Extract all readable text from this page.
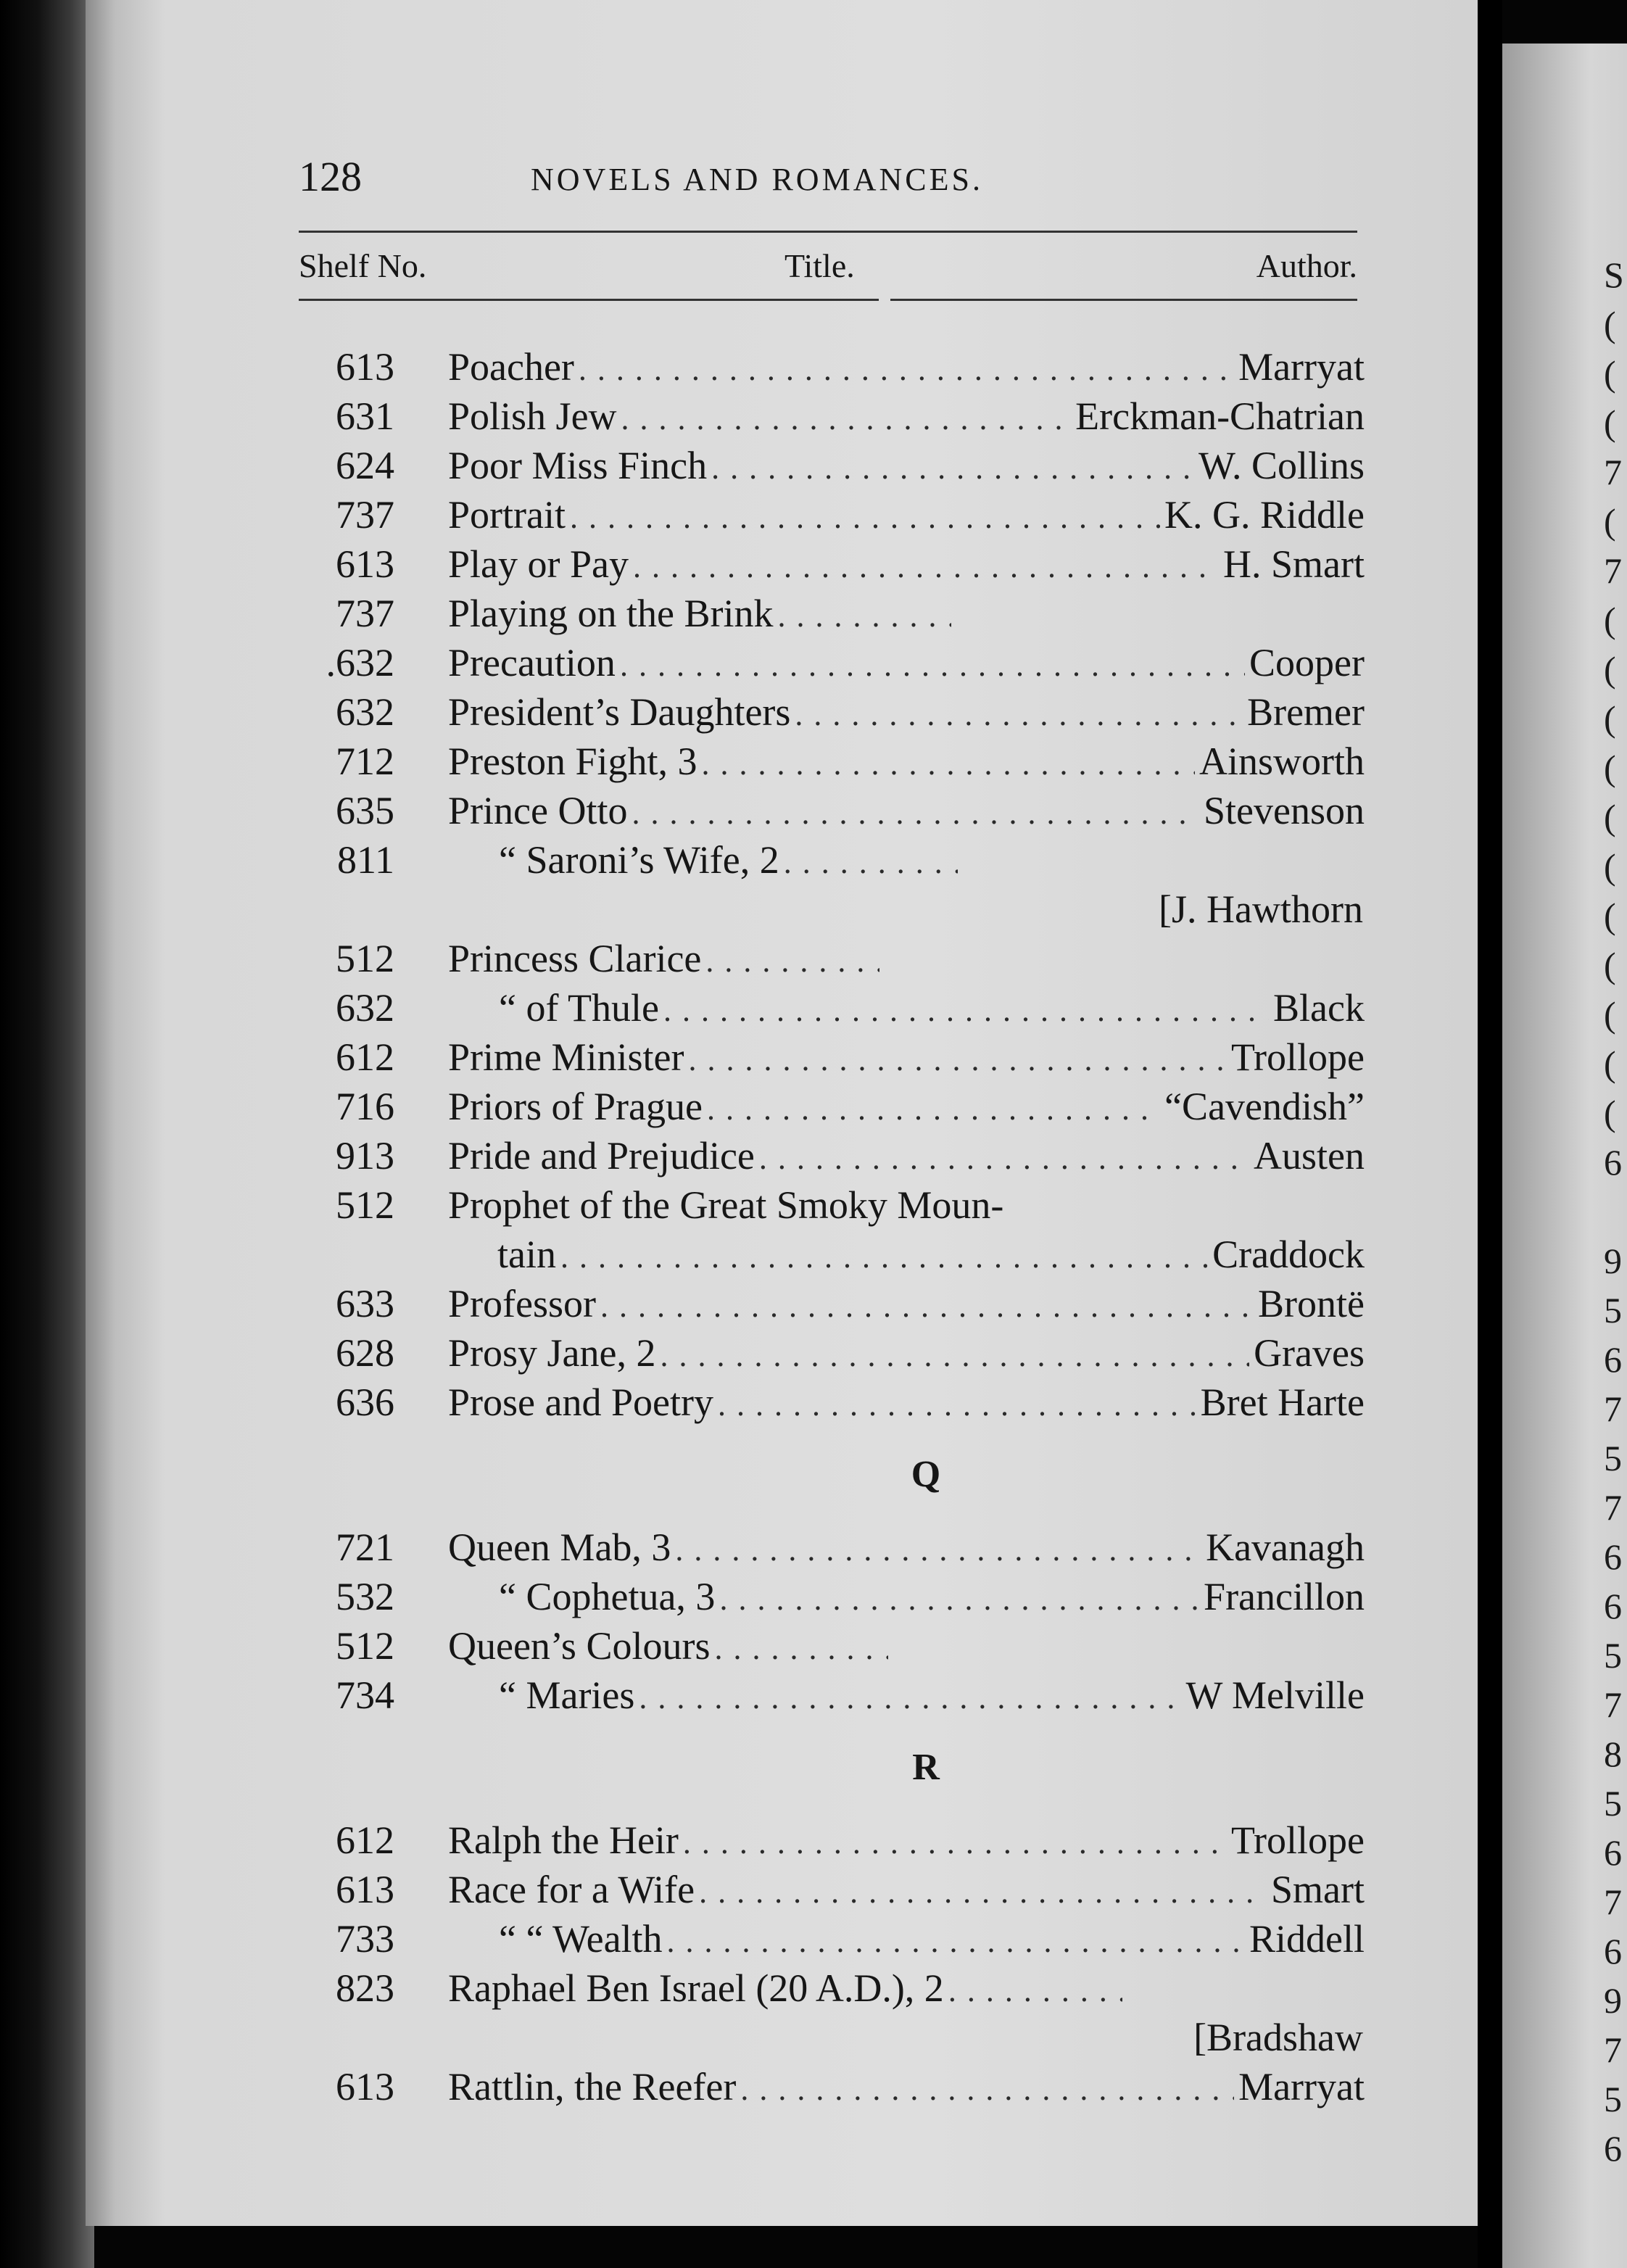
S
(
(
(
7
(
7
(
(
(
(
(
(
(
(
(
(
(
6
9
5
6
7
5
7
6
6
5
7
8
5
6
7
6
9
7
5
6
128	NOVELS AND ROMANCES.
Shelf No.	Title.	Author.
613 Poacher . . .	Marryat
631 Polish Jew . . .	Erckman-Chatrian
624 Poor Miss Finch . . .	W. Collins
737 Portrait . . .	K. G. Riddle
613 Play or Pay . . .	H. Smart
737 Playing on the Brink
. . .
.632 Precaution . . .	Cooper
632 President’s Daughters . . .	Bremer
712 Preston Fight, 3 . . .	Ainsworth
635 Prince Otto . . .	Stevenson
811	“ Saroni’s Wife, 2
. . .
[J. Hawthorn
512 Princess Clarice
. . .
632	“ of Thule . . .	Black
612 Prime Minister . . .	Trollope
716 Priors of Prague . . .	“Cavendish”
913 Pride and Prejudice . . .	Austen
512 Prophet of the Great Smoky Moun-
tain . . .	Craddock
633 Professor . . .	Brontë
628 Prosy Jane, 2 . . .	Graves
636 Prose and Poetry . . .	Bret Harte
Q
721 Queen Mab, 3 . . .	Kavanagh
532	“ Cophetua, 3 . . .	Francillon
512 Queen’s Colours
. . .
734	“ Maries . . .	W Melville
R
612 Ralph the Heir . . .	Trollope
613 Race for a Wife . . .	Smart
733	“ “ Wealth . . .	Riddell
823 Raphael Ben Israel (20 A.D.), 2
. . .
[Bradshaw
613 Rattlin, the Reefer . . .	Marryat
